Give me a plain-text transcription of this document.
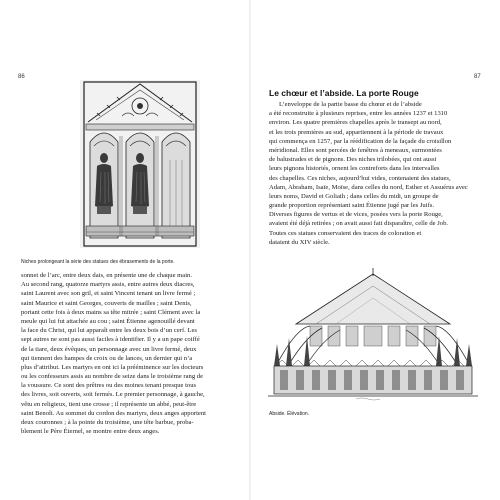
86	87
Niches prolongeant la série des statues des ébrasements de la porte.
sonnet de l’arc, entre deux dais, en présente une de chaque main.
Au second rang, quatorze martyrs assis, entre autres deux diacres,
saint Laurent avec son gril, et saint Vincent tenant un livre fermé ;
saint Maurice et saint Georges, couverts de mailles ; saint Denis,
portant cette fois à deux mains sa tête mitrée ; saint Clément avec la
meule qui lui fut attachée au cou ; saint Étienne agenouillé devant
la face du Christ, qui lui apparaît entre les deux bois d’un cerf. Les
sept autres ne sont pas aussi faciles à identifier. Il y a un pape coiffé
de la tiare, deux évêques, un personnage avec un livre fermé, deux
qui tiennent des hampes de croix ou de lances, un dernier qui n’a
plus d’attribut. Les martyrs en ont ici la prééminence sur les docteurs
ou les confesseurs assis au nombre de seize dans le troisième rang de
la voussure. Ce sont des prêtres ou des moines tenant presque tous
des livres, soit ouverts, soit fermés. Le premier personnage, à gauche,
vêtu en religieux, tient une crosse ; il représente un abbé, peut-être
saint Benoît. Au sommet du cordon des martyrs, deux anges apportent
deux couronnes ; à la pointe du troisième, une tête barbue, proba-
blement le Père Éternel, se montre entre deux anges.
Le chœur et l’abside. La porte Rouge
L’enveloppe de la partie basse du chœur et de l’abside
a été reconstruite à plusieurs reprises, entre les années 1237 et 1310
environ. Les quatre premières chapelles après le transept au nord,
et les trois premières au sud, appartiennent à la période de travaux
qui commença en 1257, par la réédification de la façade du croisillon
méridional. Elles sont percées de fenêtres à meneaux, surmontées
de balustrades et de pignons. Des niches trilobées, qui ont aussi
leurs pignons historiés, ornent les contreforts dans les intervalles
des chapelles. Ces niches, aujourd’hui vides, contenaient des statues,
Adam, Abraham, Isaïe, Moïse, dans celles du nord, Esther et Assuérus avec
leurs noms, David et Goliath ; dans celles du midi, un groupe de
grande proportion représentant saint Étienne jugé par les Juifs.
Diverses figures de vertus et de vices, posées vers la porte Rouge,
avaient été déjà retirées ; on avait aussi fait disparaître, celle de Job.
Toutes ces statues conservaient des traces de coloration et
dataient du XIV siècle.
Abside. Élévation.
